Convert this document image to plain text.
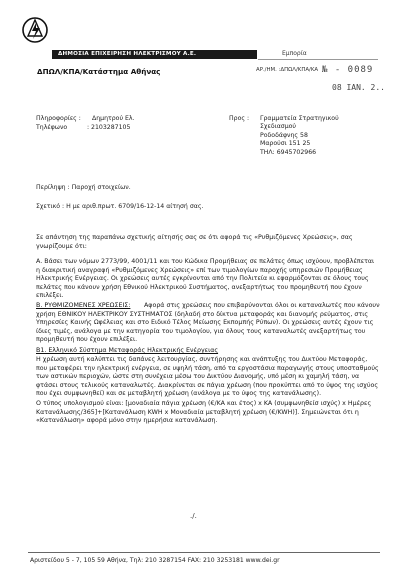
ΔΗΜΟΣΙΑ ΕΠΙΧΕΙΡΗΣΗ ΗΛΕΚΤΡΙΣΜΟΥ Α.Ε.	Εμπορία
ΔΠΩΛ/ΚΠΑ/Κατάστημα Αθήνας	ΑΡ./ΗΜ. :ΔΠΩΛ/ΚΠΑ/ΚΑ № - 0089
08 ΙΑΝ. 2..
Πληροφορίες : Δημητρού Ελ.
Τηλέφωνο	: 2103287105
Προς : Γραμματεία Στρατηγικού
Σχεδιασμού
Ροδοδάφνης 58
Μαρούσι 151 25
ΤΗΛ: 6945702966
Περίληψη : Παροχή στοιχείων.
Σχετικό : Η με αριθ.πρωτ. 6709/16-12-14 αίτησή σας.
Σε απάντηση της παραπάνω σχετικής αίτησής σας σε ότι αφορά τις «Ρυθμιζόμενες Χρεώσεις», σας γνωρίζουμε ότι:
Α. Βάσει των νόμων 2773/99, 4001/11 και του Κώδικα Προμήθειας σε πελάτες όπως ισχύουν, προβλέπεται η διακριτική αναγραφή «Ρυθμιζόμενες Χρεώσεις» επί των τιμολογίων παροχής υπηρεσιών Προμήθειας Ηλεκτρικής Ενέργειας. Οι χρεώσεις αυτές εγκρίνονται από την Πολιτεία κι εφαρμόζονται σε όλους τους πελάτες που κάνουν χρήση Εθνικού Ηλεκτρικού Συστήματος, ανεξαρτήτως του προμηθευτή που έχουν επιλέξει.
Β. ΡΥΘΜΙΖΟΜΕΝΕΣ ΧΡΕΩΣΕΙΣ:	Αφορά στις χρεώσεις που επιβαρύνονται όλοι οι καταναλωτές που κάνουν χρήση ΕΘΝΙΚΟΥ ΗΛΕΚΤΡΙΚΟΥ ΣΥΣΤΗΜΑΤΟΣ (δηλαδή στο δίκτυα μεταφοράς και διανομής ρεύματος, στις Υπηρεσίες Καινής Ωφέλειας και στο Ειδικό Τέλος Μείωσης Εκπομπής Ρύπων). Οι χρεώσεις αυτές έχουν τις ίδιες τιμές, ανάλογα με την κατηγορία του τιμολογίου, για όλους τους καταναλωτές ανεξαρτήτως του προμηθευτή που έχουν επιλέξει.
Β1. Ελληνικό Σύστημα Μεταφοράς Ηλεκτρικής Ενέργειας
Η χρέωση αυτή καλύπτει τις δαπάνες λειτουργίας, συντήρησης και ανάπτυξης του Δικτύου Μεταφοράς, που μεταφέρει την ηλεκτρική ενέργεια, σε υψηλή τάση, από τα εργοστάσια παραγωγής στους υποσταθμούς των αστικών περιοχών, ώστε στη συνέχεια μέσω του Δικτύου Διανομής, υπό μέση κι χαμηλή τάση, να φτάσει στους τελικούς καταναλωτές. Διακρίνεται σε πάγια χρέωση (που προκύπτει από το ύψος της ισχύος που έχει συμφωνηθεί) και σε μεταβλητή χρέωση (ανάλογα με το ύψος της κατανάλωσης).
Ο τύπος υπολογισμού είναι: [μοναδιαία πάγια χρέωση (€/KA και έτος) x KA (συμφωνηθείσ ισχύς) x Ημέρες Κατανάλωσης/365]+[Κατανάλωση KWH x Μοναδιαία μεταβλητή χρέωση (€/KWH)]. Σημειώνεται ότι η «Κατανάλωση» αφορά μόνο στην ημερήσια κατανάλωση.
./.
Αριστείδου 5 - 7, 105 59 Αθήνα, Τηλ: 210 3287154 FAX: 210 3253181 www.dei.gr
